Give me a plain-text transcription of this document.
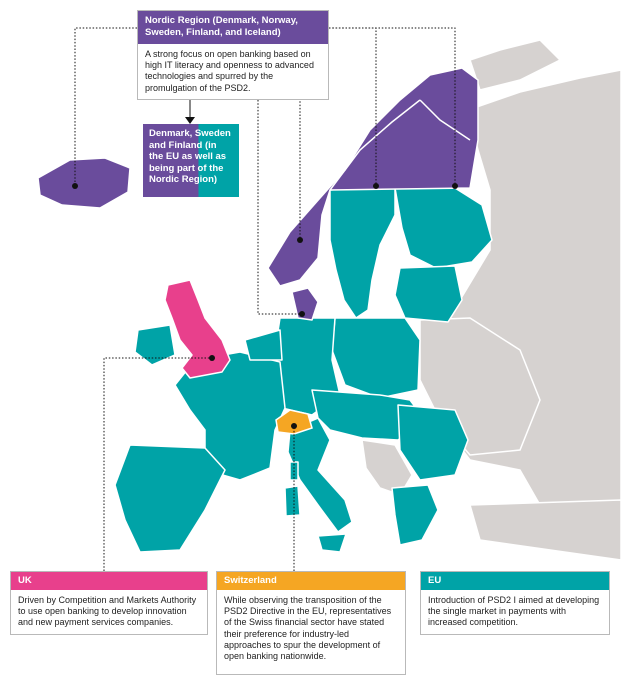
Nordic Region (Denmark, Norway, Sweden, Finland, and Iceland)
A strong focus on open banking based on high IT literacy and openness to advanced technologies and spurred by the promulgation of the PSD2.
Denmark, Sweden and Finland (in the EU as well as being part of the Nordic Region)
UK
Driven by Competition and Markets Authority to use open banking to develop innovation and new payment services companies.
Switzerland
While observing the transposition of the PSD2 Directive in the EU, representatives of the Swiss financial sector have stated their preference for industry-led approaches to spur the development of open banking nationwide.
EU
Introduction of PSD2 I aimed at developing the single market in payments with increased competition.
